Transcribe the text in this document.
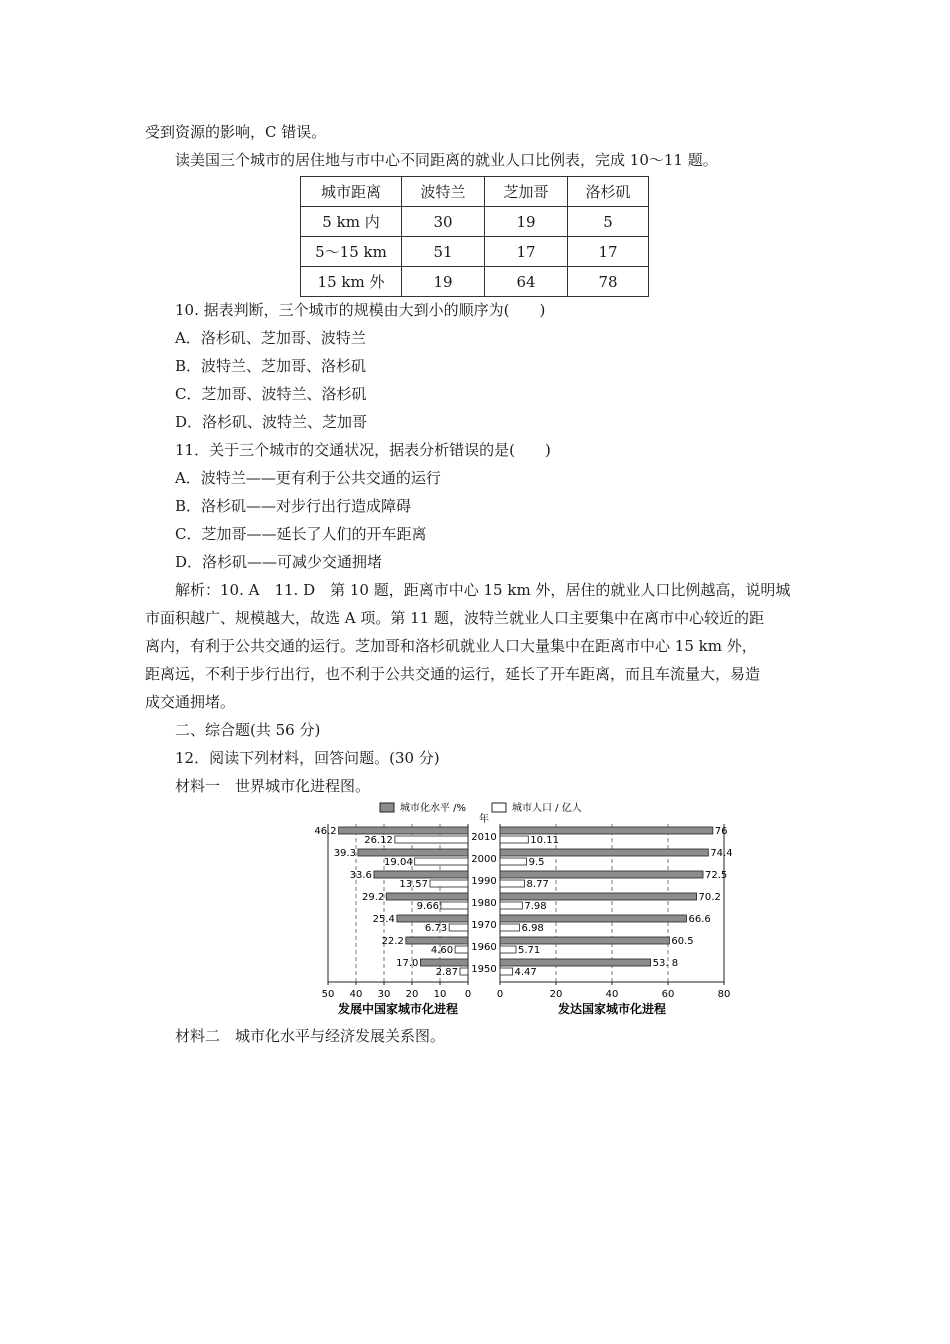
受到资源的影响，C 错误。
读美国三个城市的居住地与市中心不同距离的就业人口比例表，完成 10～11 题。
城市距离	波特兰	芝加哥	洛杉矶
5 km 内	30	19	5
5～15 km	51	17	17
15 km 外	19	64	78
10. 据表判断，三个城市的规模由大到小的顺序为(　　)
A．洛杉矶、芝加哥、波特兰
B．波特兰、芝加哥、洛杉矶
C．芝加哥、波特兰、洛杉矶
D．洛杉矶、波特兰、芝加哥
11．关于三个城市的交通状况，据表分析错误的是(　　)
A．波特兰——更有利于公共交通的运行
B．洛杉矶——对步行出行造成障碍
C．芝加哥——延长了人们的开车距离
D．洛杉矶——可减少交通拥堵
解析：10. A　11. D　第 10 题，距离市中心 15 km 外，居住的就业人口比例越高，说明城
市面积越广、规模越大，故选 A 项。第 11 题，波特兰就业人口主要集中在离市中心较近的距
离内，有利于公共交通的运行。芝加哥和洛杉矶就业人口大量集中在距离市中心 15 km 外，
距离远，不利于步行出行，也不利于公共交通的运行，延长了开车距离，而且车流量大，易造
成交通拥堵。
二、综合题(共 56 分)
12．阅读下列材料，回答问题。(30 分)
材料一　世界城市化进程图。
城市化水平 /%	城市人口 / 亿人
年
46.2
26.12	2010
76
10.11
39.3
19.04	2000
74.4
9.5
33.6
13.57	1990
72.5
8.77
29.2
9.66	1980
70.2
7.98
25.4
6.73 1970
66.6
6.98
22.2
4.60 1960
60.5
5.71
17.0
2.87 1950
53. 8
4.47
50 40 30 20 10 0	0	20	40	60	80
发展中国家城市化进程	发达国家城市化进程
材料二　城市化水平与经济发展关系图。
